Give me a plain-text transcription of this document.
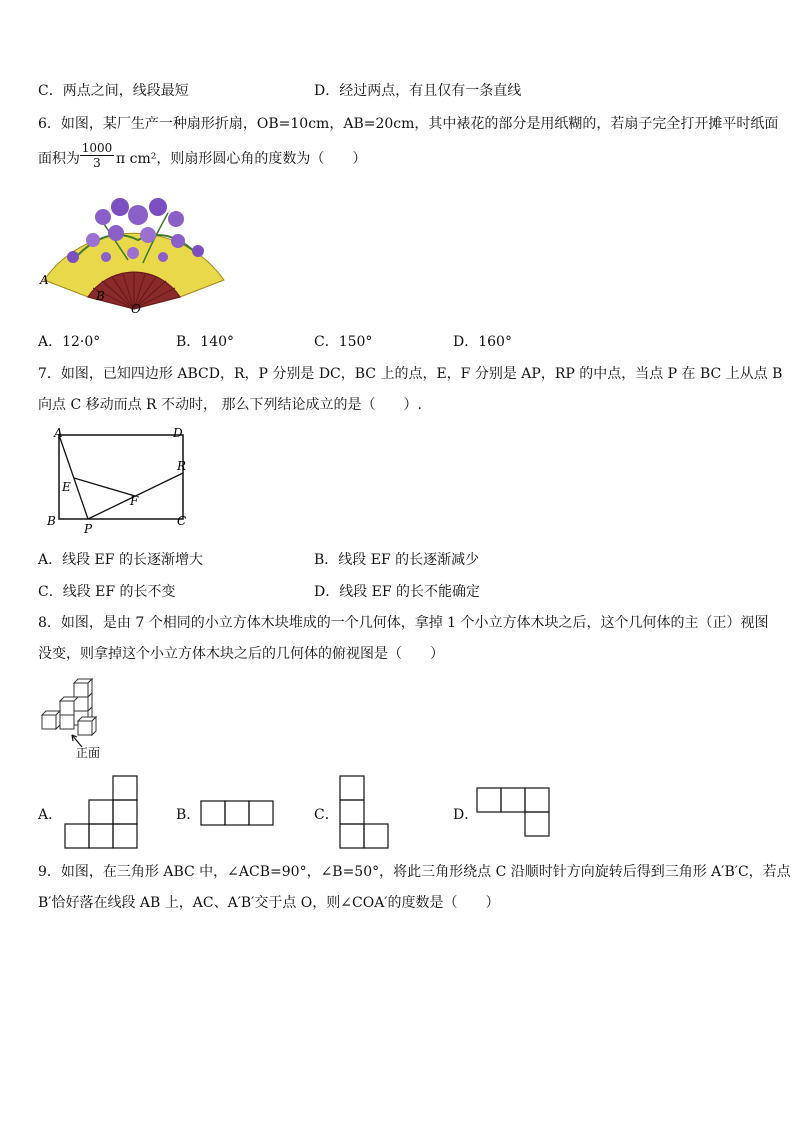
C．两点之间，线段最短	D．经过两点，有且仅有一条直线
6．如图，某厂生产一种扇形折扇，OB=10cm，AB=20cm，其中裱花的部分是用纸糊的，若扇子完全打开摊平时纸面
面积为 $\frac{1000}{3}$ π cm²，则扇形圆心角的度数为（　　）
A
B
O
A．12·0°	B．140°	C．150°	D．160°
7．如图，已知四边形 ABCD，R，P 分别是 DC，BC 上的点，E，F 分别是 AP，RP 的中点，当点 P 在 BC 上从点 B
向点 C 移动而点 R 不动时， 那么下列结论成立的是（　　）.
A	D
R
E
F
B
P
C
A．线段 EF 的长逐渐增大	B．线段 EF 的长逐渐减少
C．线段 EF 的长不变	D．线段 EF 的长不能确定
8．如图，是由 7 个相同的小立方体木块堆成的一个几何体，拿掉 1 个小立方体木块之后，这个几何体的主（正）视图
没变，则拿掉这个小立方体木块之后的几何体的俯视图是（　　）
正面
A．	B．	C．	D．
9．如图，在三角形 ABC 中，∠ACB=90°，∠B=50°，将此三角形绕点 C 沿顺时针方向旋转后得到三角形 A′B′C，若点
B′恰好落在线段 AB 上，AC、A′B′交于点 O，则∠COA′的度数是（　　）
